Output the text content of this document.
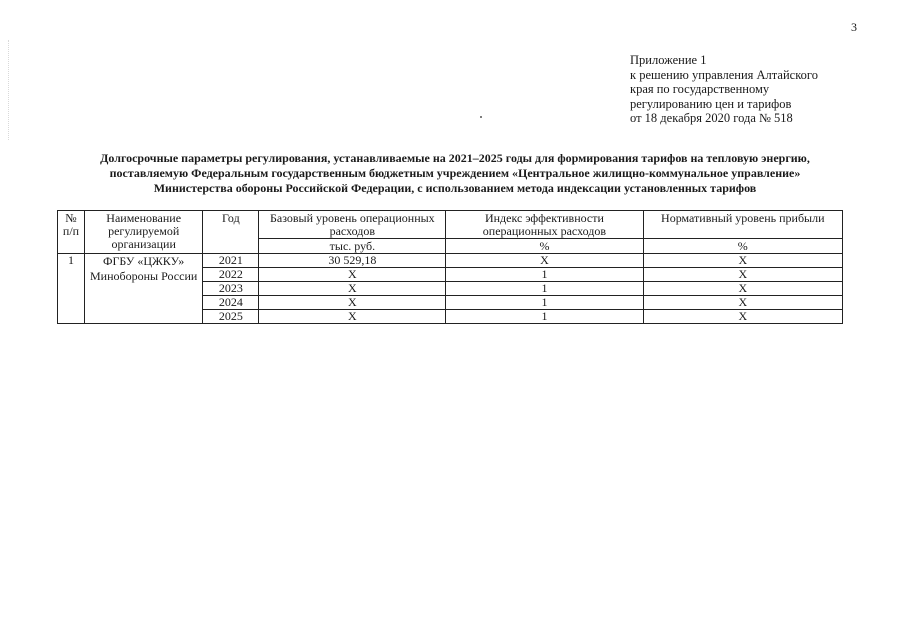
3
Приложение 1
к решению управления Алтайского
края по государственному
регулированию цен и тарифов
от 18 декабря 2020 года № 518
Долгосрочные параметры регулирования, устанавливаемые на 2021–2025 годы для формирования тарифов на тепловую энергию,
поставляемую Федеральным государственным бюджетным учреждением «Центральное жилищно-коммунальное управление»
Министерства обороны Российской Федерации, с использованием метода индексации установленных тарифов
№ п/п	Наименование регулируемой организации	Год	Базовый уровень операционных расходов	Индекс эффективности операционных расходов	Нормативный уровень прибыли
			тыс. руб.	%	%
1	ФГБУ «ЦЖКУ» Минобороны России	2021	30 529,18	Х	Х
		2022	Х	1	Х
		2023	Х	1	Х
		2024	Х	1	Х
		2025	Х	1	Х
